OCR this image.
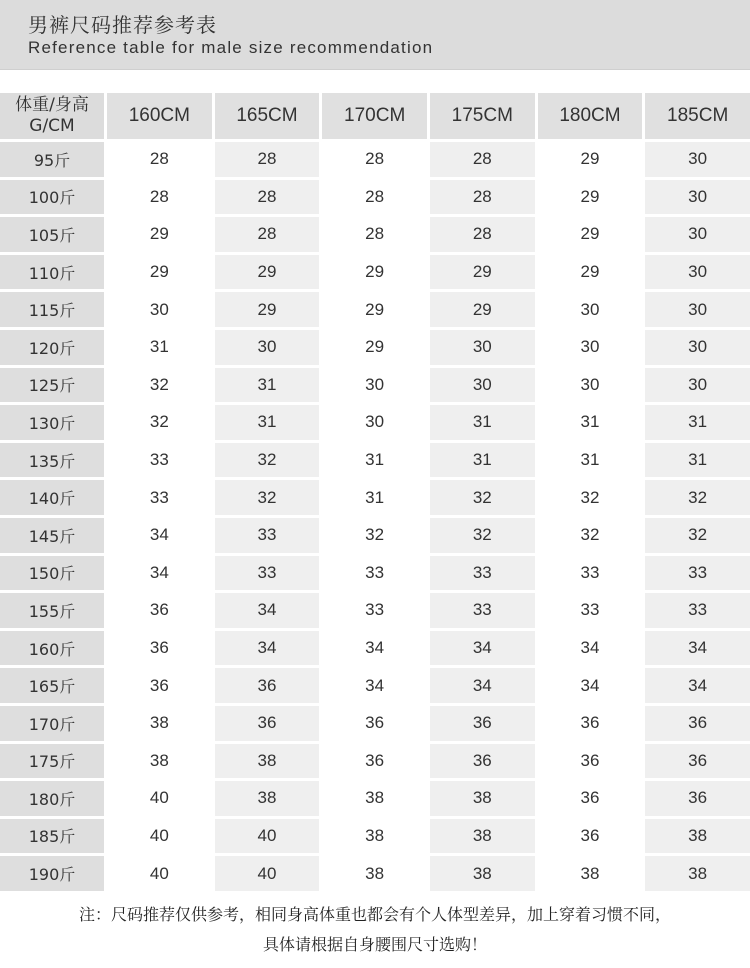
男裤尺码推荐参考表
Reference table for male size recommendation
体重/身高
G/CM	160CM	165CM	170CM	175CM	180CM	185CM
95斤	28	28	28	28	29	30
100斤	28	28	28	28	29	30
105斤	29	28	28	28	29	30
110斤	29	29	29	29	29	30
115斤	30	29	29	29	30	30
120斤	31	30	29	30	30	30
125斤	32	31	30	30	30	30
130斤	32	31	30	31	31	31
135斤	33	32	31	31	31	31
140斤	33	32	31	32	32	32
145斤	34	33	32	32	32	32
150斤	34	33	33	33	33	33
155斤	36	34	33	33	33	33
160斤	36	34	34	34	34	34
165斤	36	36	34	34	34	34
170斤	38	36	36	36	36	36
175斤	38	38	36	36	36	36
180斤	40	38	38	38	36	36
185斤	40	40	38	38	36	38
190斤	40	40	38	38	38	38
注：尺码推荐仅供参考，相同身高体重也都会有个人体型差异，加上穿着习惯不同，
具体请根据自身腰围尺寸选购！
